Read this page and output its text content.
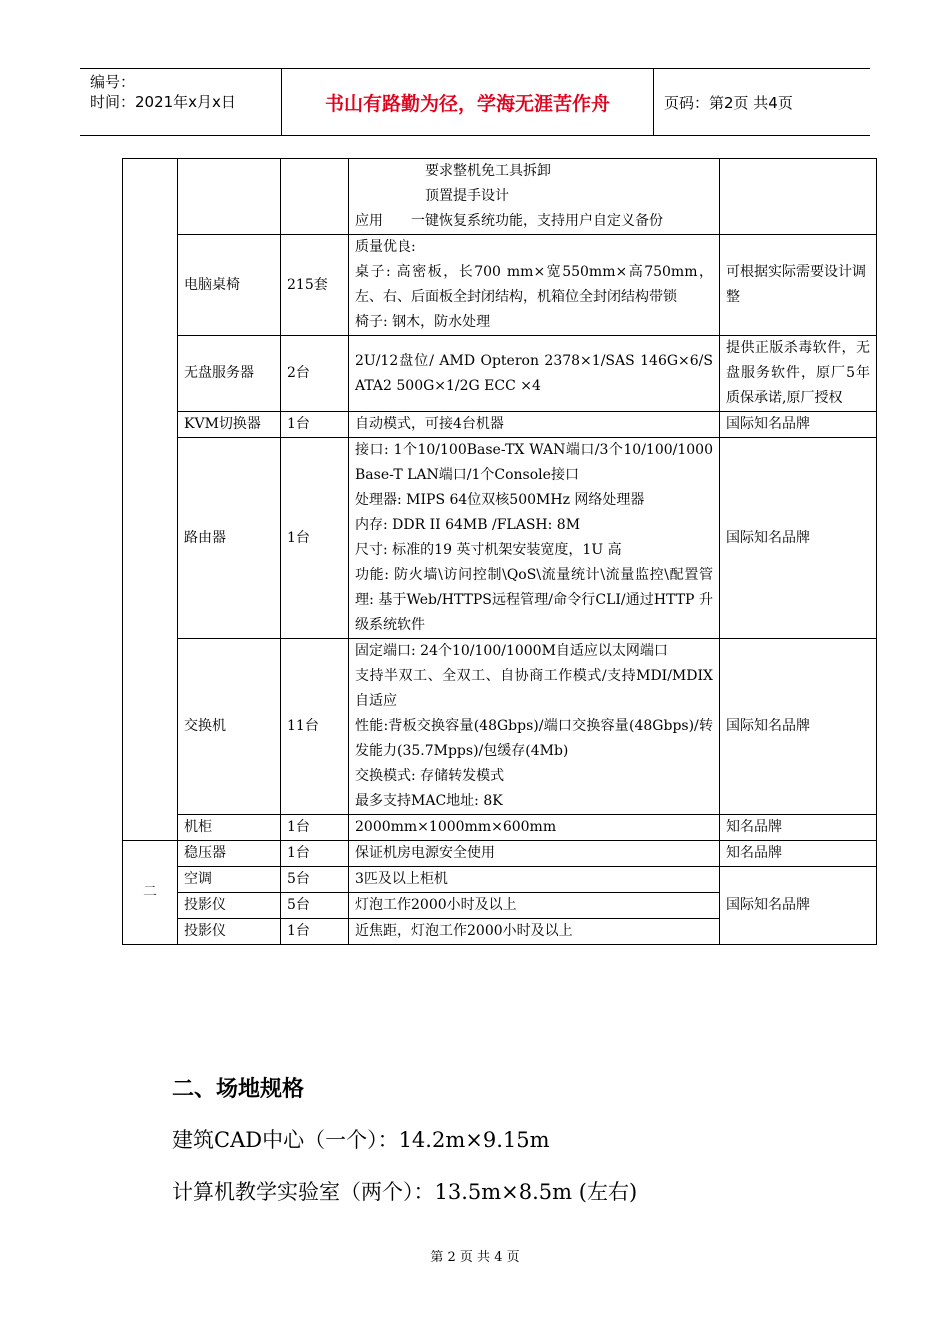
编号：
时间：2021年x月x日	书山有路勤为径，学海无涯苦作舟	页码：第2页 共4页

			要求整机免工具拆卸
顶置提手设计
应用 一键恢复系统功能，支持用户自定义备份	

	电脑桌椅	215套	质量优良:
桌子: 高密板，长700 mm×宽550mm×高750mm，左、右、后面板全封闭结构，机箱位全封闭结构带锁
椅子: 钢木，防水处理	可根据实际需要设计调整
	无盘服务器	2台	2U/12盘位/ AMD Opteron 2378×1/SAS 146G×6/SATA2 500G×1/2G ECC ×4	提供正版杀毒软件，无盘服务软件，原厂5年质保承诺,原厂授权
	KVM切换器	1台	自动模式，可接4台机器	国际知名品牌
	路由器	1台	接口: 1个10/100Base-TX WAN端口/3个10/100/1000Base-T LAN端口/1个Console接口
处理器: MIPS 64位双核500MHz 网络处理器
内存: DDR II 64MB /FLASH: 8M
尺寸: 标准的19 英寸机架安装宽度，1U 高
功能: 防火墙\访问控制\QoS\流量统计\流量监控\配置管理: 基于Web/HTTPS远程管理/命令行CLI/通过HTTP 升级系统软件	国际知名品牌
	交换机	11台	固定端口: 24个10/100/1000M自适应以太网端口
支持半双工、全双工、自协商工作模式/支持MDI/MDIX自适应
性能:背板交换容量(48Gbps)/端口交换容量(48Gbps)/转发能力(35.7Mpps)/包缓存(4Mb)
交换模式: 存储转发模式
最多支持MAC地址: 8K	国际知名品牌
	机柜	1台	2000mm×1000mm×600mm	知名品牌
二	稳压器	1台	保证机房电源安全使用	知名品牌
	空调	5台	3匹及以上柜机	国际知名品牌
	投影仪	5台	灯泡工作2000小时及以上	
	投影仪	1台	近焦距，灯泡工作2000小时及以上	
二、场地规格
建筑CAD中心（一个）：14.2m×9.15m
计算机教学实验室（两个）：13.5m×8.5m (左右)
第 2 页 共 4 页
